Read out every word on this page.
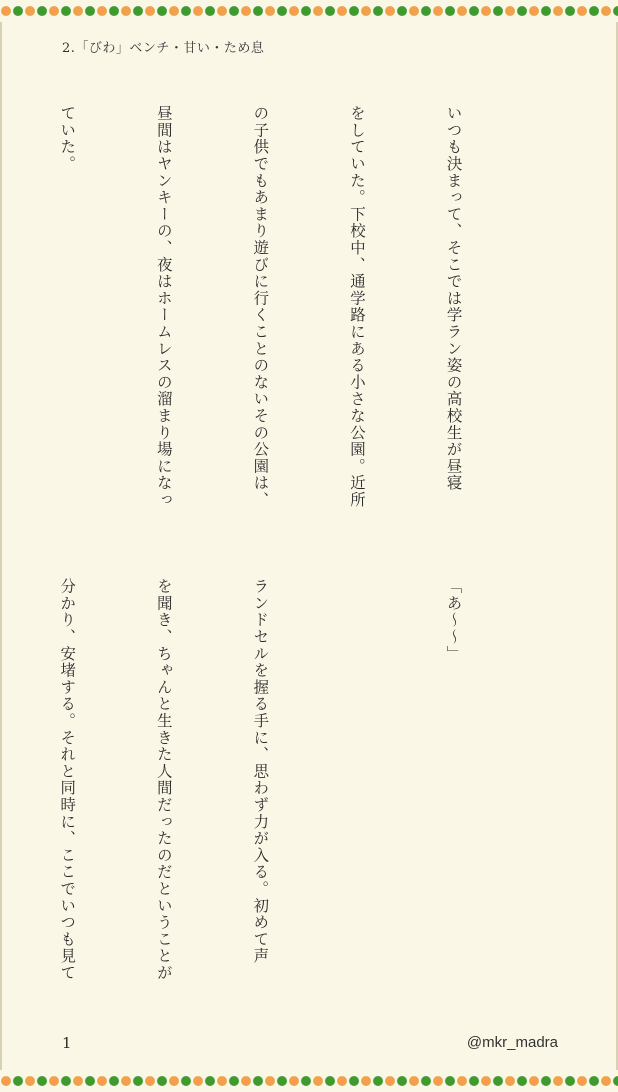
2.「びわ」ベンチ・甘い・ため息

いつも決まって、そこでは学ラン姿の高校生が昼寝

をしていた。下校中、通学路にある小さな公園。近所

の子供でもあまり遊びに行くことのないその公園は、

昼間はヤンキーの、夜はホームレスの溜まり場になっ

ていた。

「あ〜〜」

ランドセルを握る手に、思わず力が入る。初めて声

を聞き、ちゃんと生きた人間だったのだということが

分かり、安堵する。それと同時に、ここでいつも見て

1	@mkr_madra
